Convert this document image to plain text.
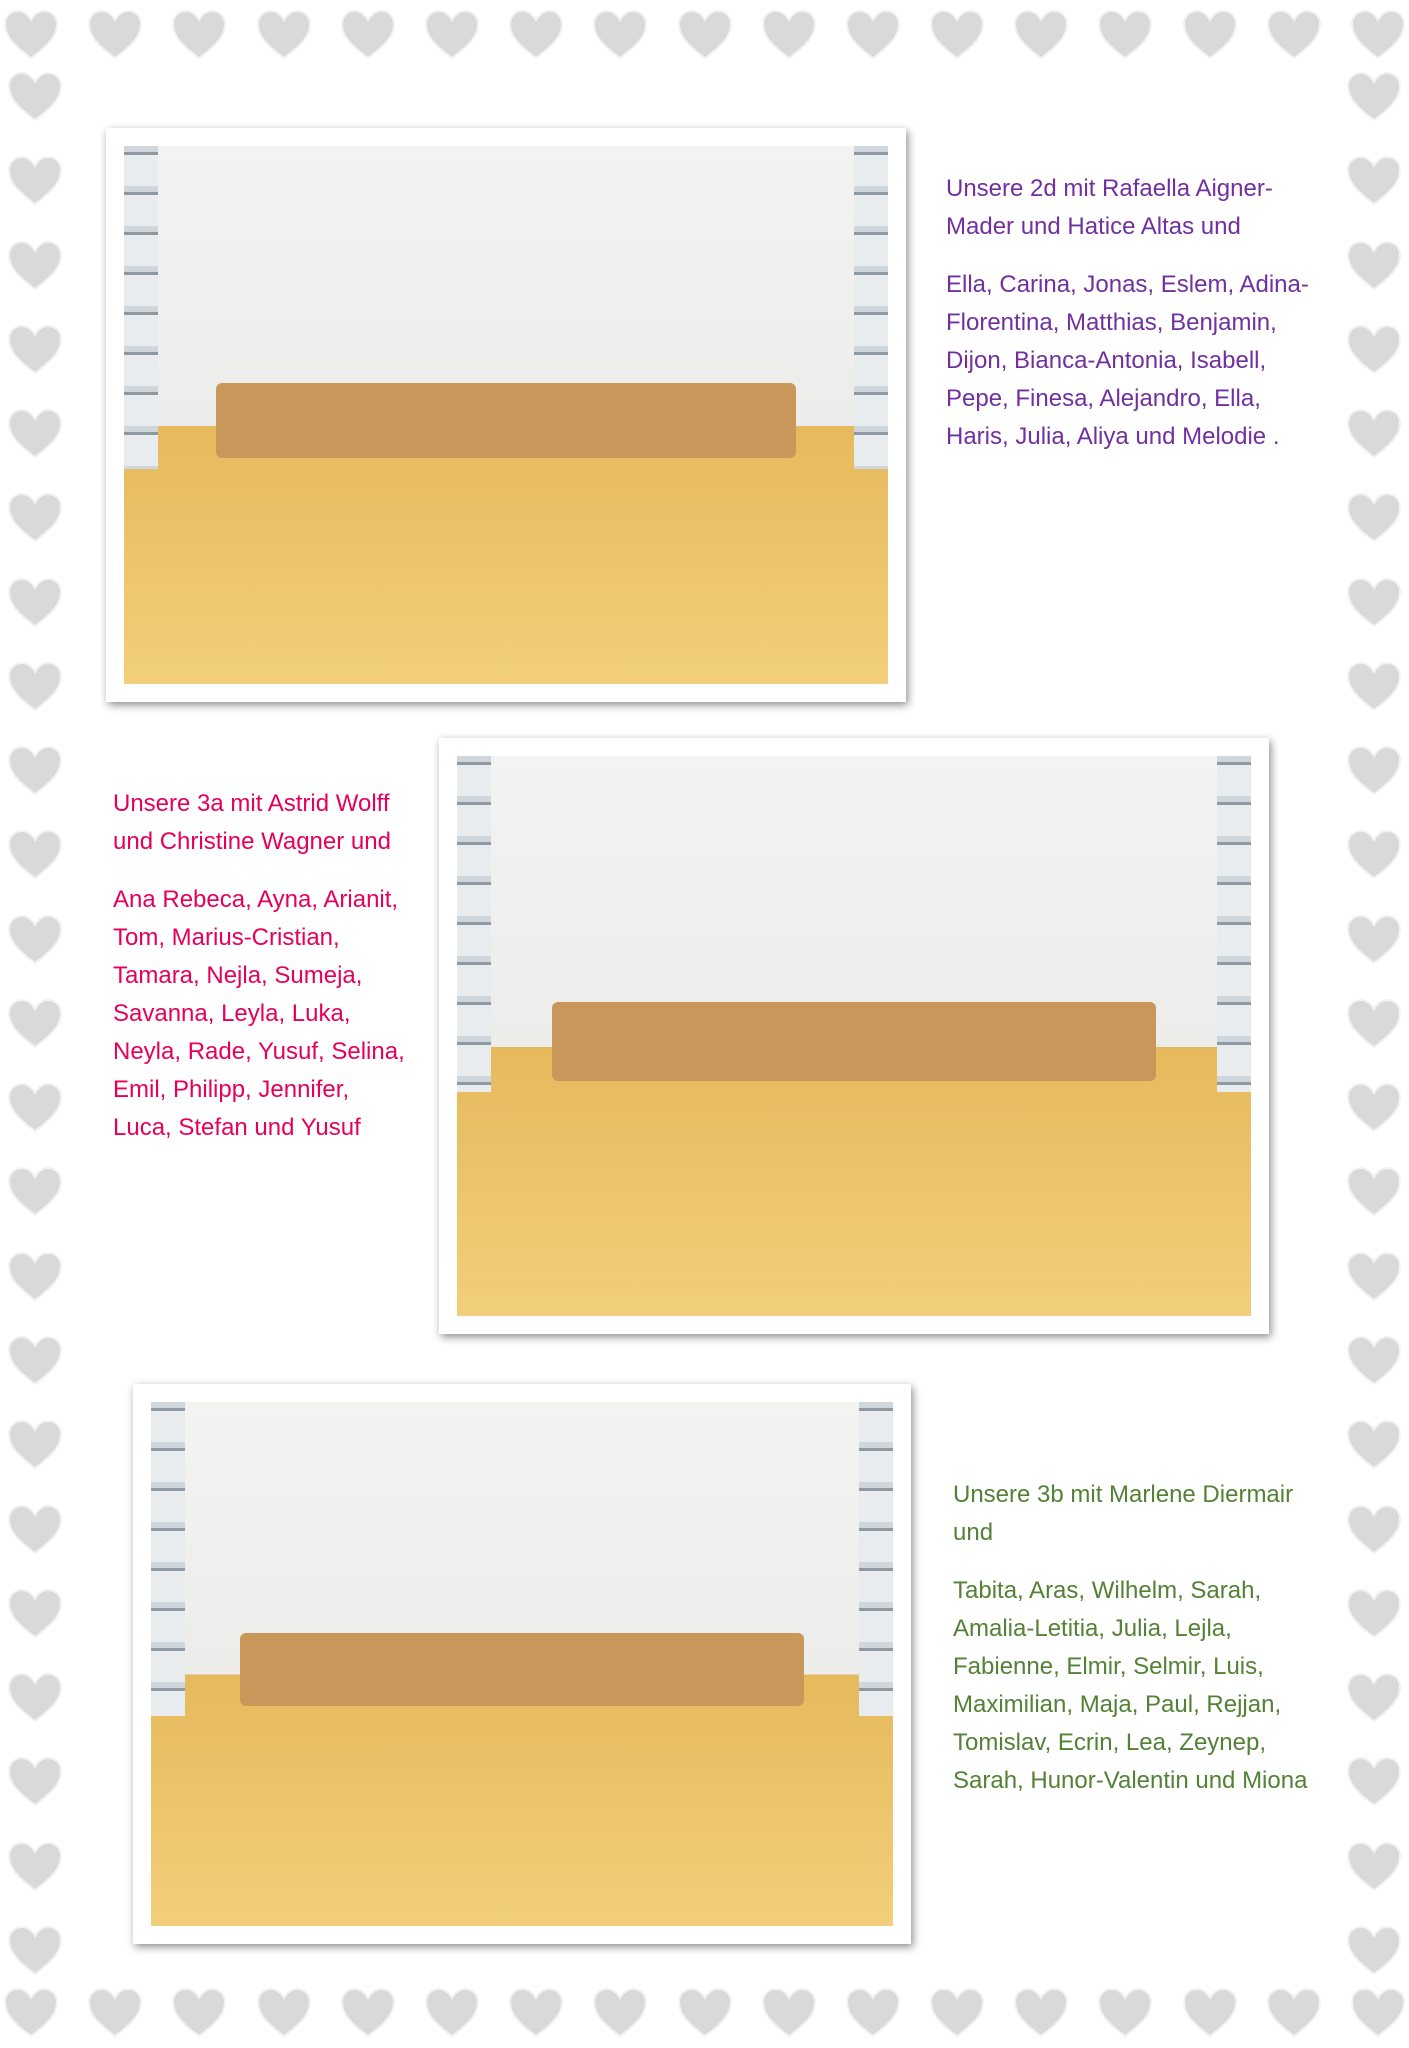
Unsere 2d mit Rafaella Aigner-Mader und Hatice Altas und

Ella, Carina, Jonas, Eslem, Adina-Florentina, Matthias, Benjamin, Dijon, Bianca-Antonia, Isabell, Pepe, Finesa, Alejandro, Ella, Haris, Julia, Aliya und Melodie .

Unsere 3a mit Astrid Wolff und Christine Wagner und

Ana Rebeca, Ayna, Arianit, Tom, Marius-Cristian, Tamara, Nejla, Sumeja, Savanna, Leyla, Luka, Neyla, Rade, Yusuf, Selina, Emil, Philipp, Jennifer, Luca, Stefan und Yusuf

Unsere 3b mit Marlene Diermair und

Tabita, Aras, Wilhelm, Sarah, Amalia-Letitia, Julia, Lejla, Fabienne, Elmir, Selmir, Luis, Maximilian, Maja, Paul, Rejjan, Tomislav, Ecrin, Lea, Zeynep, Sarah, Hunor-Valentin und Miona
